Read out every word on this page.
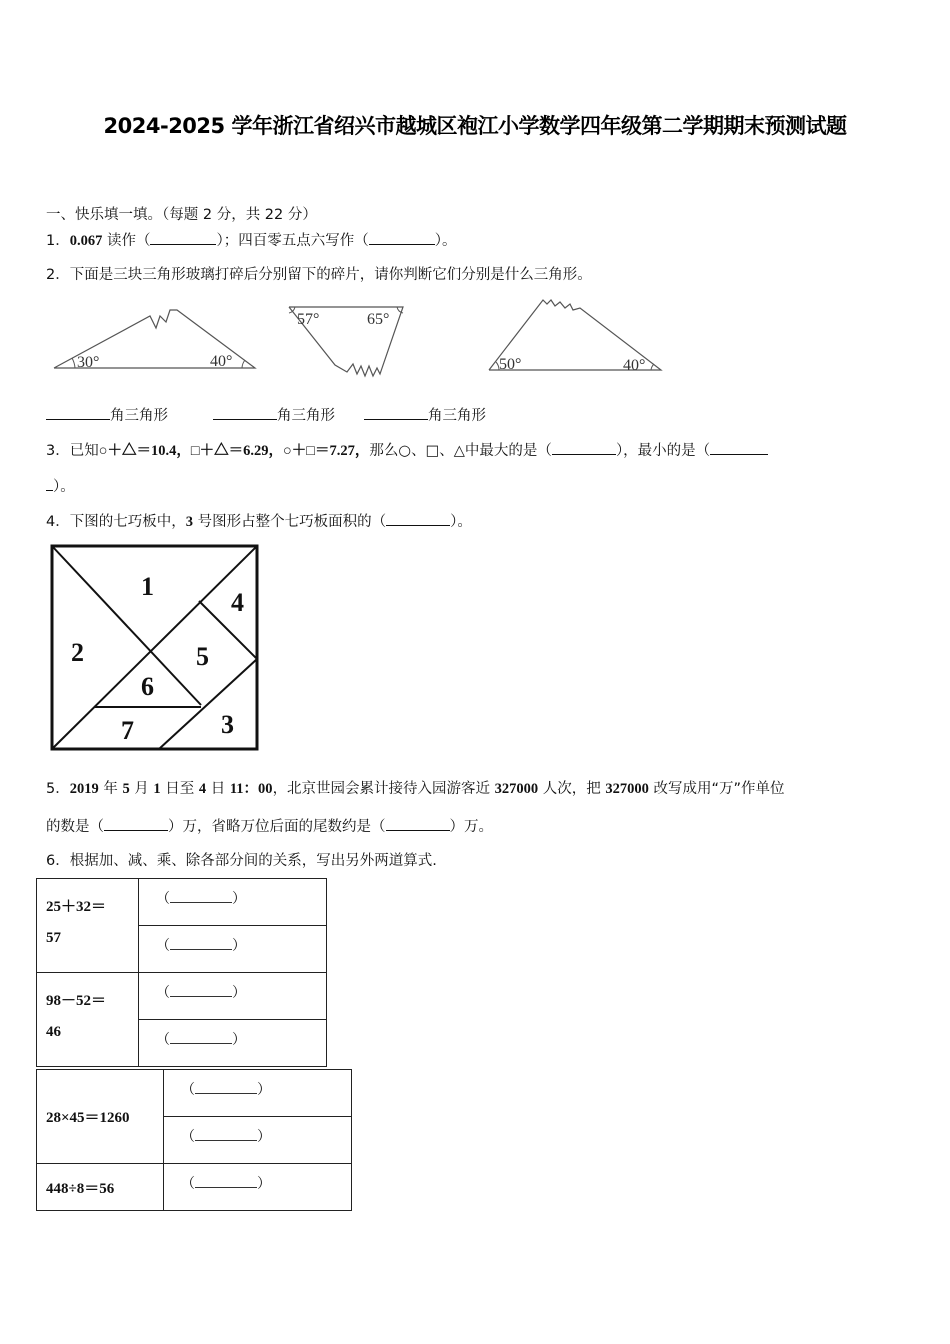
2024-2025 学年浙江省绍兴市越城区袍江小学数学四年级第二学期期末预测试题
一、快乐填一填。（每题 2 分，共 22 分）
1．0.067 读作（	）；四百零五点六写作（	）。
2．下面是三块三角形玻璃打碎后分别留下的碎片，请你判断它们分别是什么三角形。
30°	40°
57°	65°
50°	40°
角三角形	角三角形	角三角形
3．已知○＋△＝10.4，□＋△＝6.29，○＋□＝7.27，那么○、□、△中最大的是（	），最小的是（
）。
4．下图的七巧板中，3 号图形占整个七巧板面积的（	）。
1
2
3
4
5
6
7
5．2019 年 5 月 1 日至 4 日 11：00，北京世园会累计接待入园游客近 327000 人次，把 327000 改写成用“万”作单位
的数是（	）万，省略万位后面的尾数约是（	）万。
6．根据加、减、乘、除各部分间的关系，写出另外两道算式.
25＋32＝
57	（ ）
	（ ）

98－52＝
46	（ ）
	（ ）
28×45＝1260	（ ）
	（ ）

448÷8＝56	（ ）
